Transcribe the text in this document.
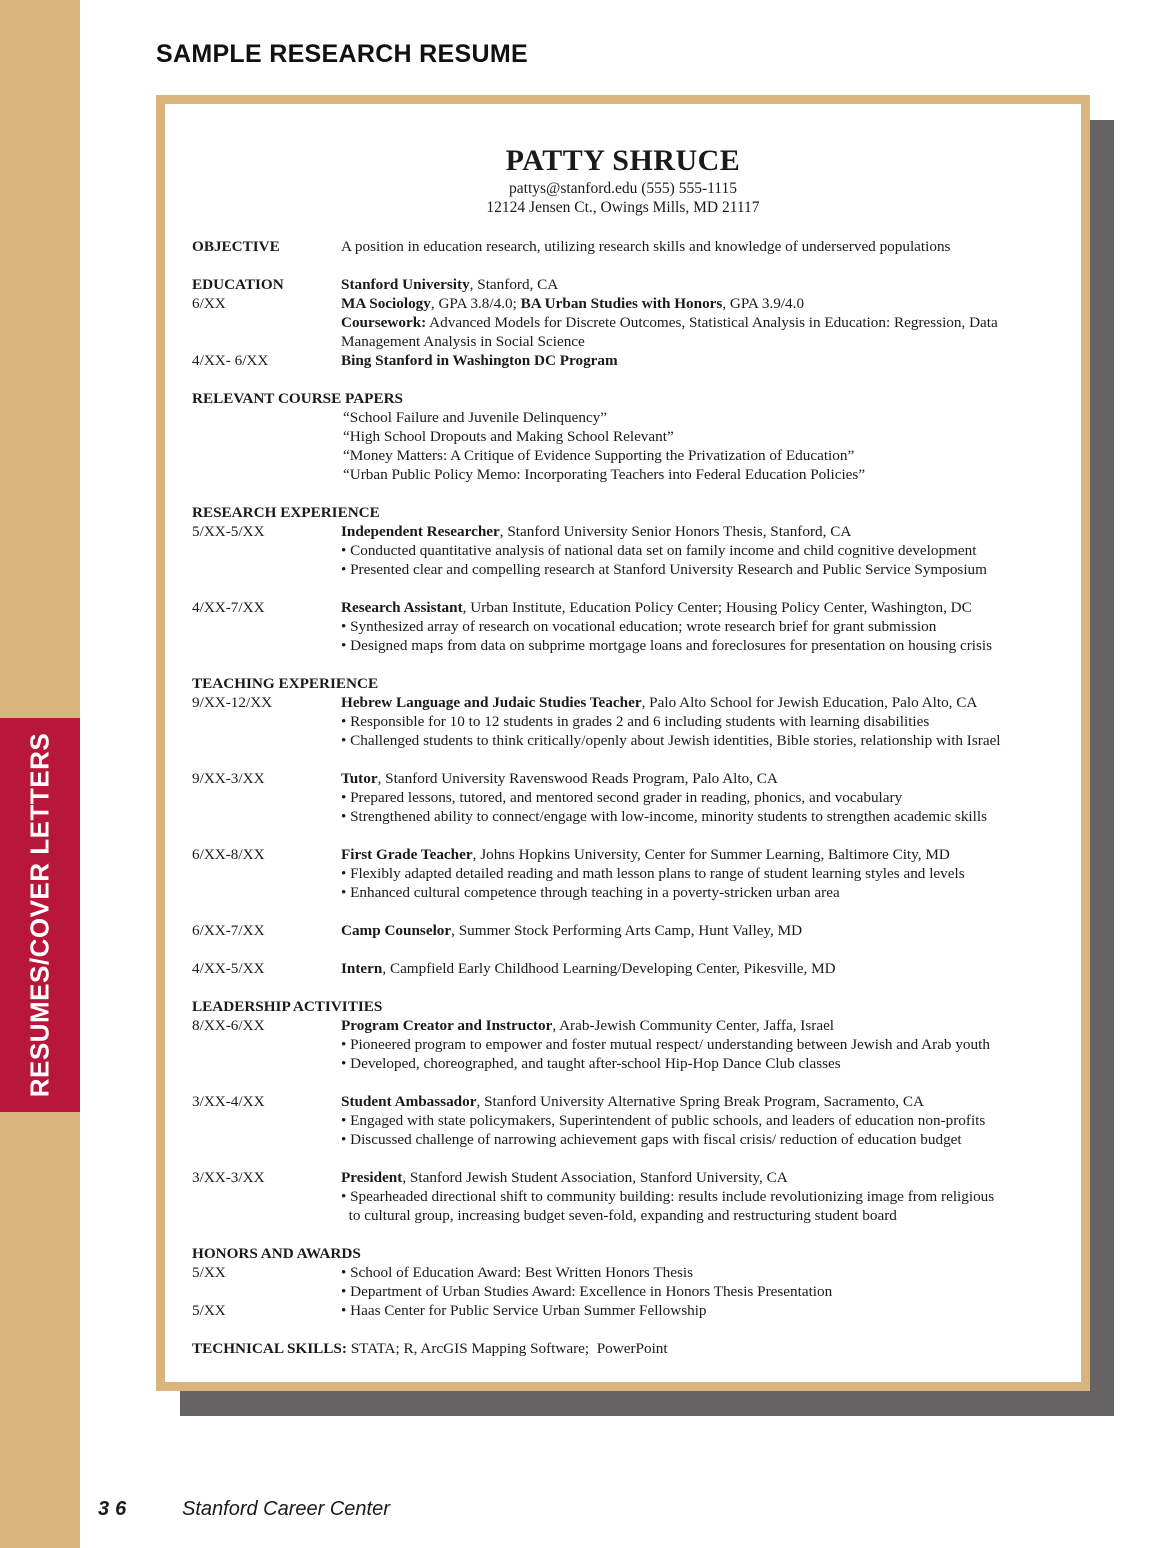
RESUMES/COVER LETTERS
SAMPLE RESEARCH RESUME
PATTY SHRUCE
pattys@stanford.edu (555) 555-1115
12124 Jensen Ct., Owings Mills, MD 21117
OBJECTIVE	A position in education research, utilizing research skills and knowledge of underserved populations
EDUCATION	Stanford University, Stanford, CA
6/XX	MA Sociology, GPA 3.8/4.0; BA Urban Studies with Honors, GPA 3.9/4.0
Coursework: Advanced Models for Discrete Outcomes, Statistical Analysis in Education: Regression, Data
Management Analysis in Social Science
4/XX- 6/XX	Bing Stanford in Washington DC Program
RELEVANT COURSE PAPERS
“School Failure and Juvenile Delinquency”
“High School Dropouts and Making School Relevant”
“Money Matters: A Critique of Evidence Supporting the Privatization of Education”
“Urban Public Policy Memo: Incorporating Teachers into Federal Education Policies”
RESEARCH EXPERIENCE
5/XX-5/XX	Independent Researcher, Stanford University Senior Honors Thesis, Stanford, CA
• Conducted quantitative analysis of national data set on family income and child cognitive development
• Presented clear and compelling research at Stanford University Research and Public Service Symposium
4/XX-7/XX	Research Assistant, Urban Institute, Education Policy Center; Housing Policy Center, Washington, DC
• Synthesized array of research on vocational education; wrote research brief for grant submission
• Designed maps from data on subprime mortgage loans and foreclosures for presentation on housing crisis
TEACHING EXPERIENCE
9/XX-12/XX	Hebrew Language and Judaic Studies Teacher, Palo Alto School for Jewish Education, Palo Alto, CA
• Responsible for 10 to 12 students in grades 2 and 6 including students with learning disabilities
• Challenged students to think critically/openly about Jewish identities, Bible stories, relationship with Israel
9/XX-3/XX	Tutor, Stanford University Ravenswood Reads Program, Palo Alto, CA
• Prepared lessons, tutored, and mentored second grader in reading, phonics, and vocabulary
• Strengthened ability to connect/engage with low-income, minority students to strengthen academic skills
6/XX-8/XX	First Grade Teacher, Johns Hopkins University, Center for Summer Learning, Baltimore City, MD
• Flexibly adapted detailed reading and math lesson plans to range of student learning styles and levels
• Enhanced cultural competence through teaching in a poverty-stricken urban area
6/XX-7/XX	Camp Counselor, Summer Stock Performing Arts Camp, Hunt Valley, MD
4/XX-5/XX	Intern, Campfield Early Childhood Learning/Developing Center, Pikesville, MD
LEADERSHIP ACTIVITIES
8/XX-6/XX	Program Creator and Instructor, Arab-Jewish Community Center, Jaffa, Israel
• Pioneered program to empower and foster mutual respect/ understanding between Jewish and Arab youth
• Developed, choreographed, and taught after-school Hip-Hop Dance Club classes
3/XX-4/XX	Student Ambassador, Stanford University Alternative Spring Break Program, Sacramento, CA
• Engaged with state policymakers, Superintendent of public schools, and leaders of education non-profits
• Discussed challenge of narrowing achievement gaps with fiscal crisis/ reduction of education budget
3/XX-3/XX	President, Stanford Jewish Student Association, Stanford University, CA
• Spearheaded directional shift to community building: results include revolutionizing image from religious
to cultural group, increasing budget seven-fold, expanding and restructuring student board
HONORS AND AWARDS
5/XX	• School of Education Award: Best Written Honors Thesis
• Department of Urban Studies Award: Excellence in Honors Thesis Presentation
5/XX	• Haas Center for Public Service Urban Summer Fellowship
TECHNICAL SKILLS: STATA; R, ArcGIS Mapping Software;  PowerPoint
36 Stanford Career Center
